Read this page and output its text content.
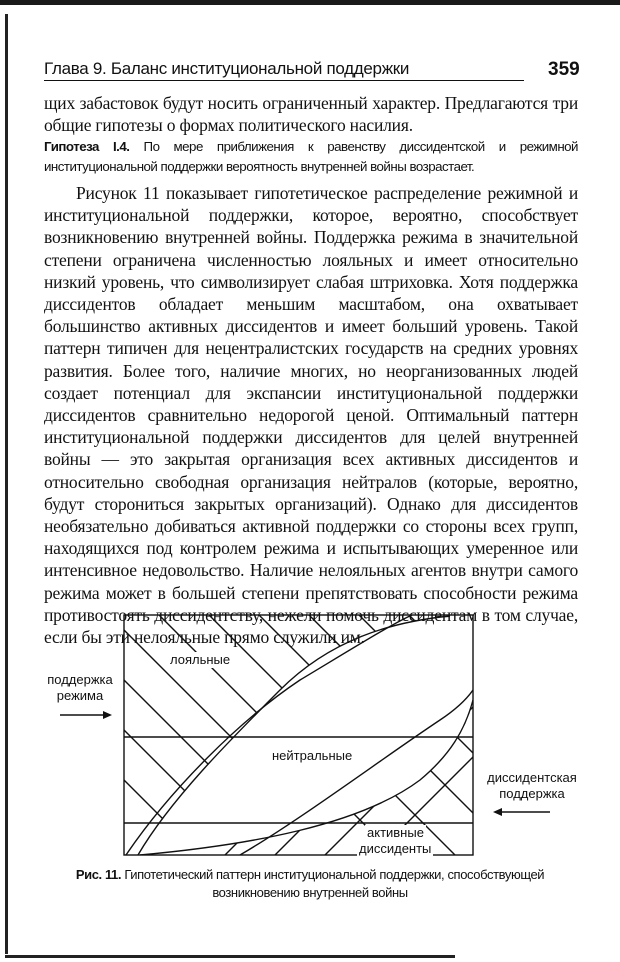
Глава 9. Баланс институциональной поддержки	359
щих забастовок будут носить ограниченный характер. Предлагаются три общие гипотезы о формах политического насилия.
Гипотеза I.4. По мере приближения к равенству диссидентской и режимной институциональной поддержки вероятность внутренней войны возрастает.
Рисунок 11 показывает гипотетическое распределение режимной и институциональной поддержки, которое, вероятно, способствует возникновению внутренней войны. Поддержка режима в значительной степени ограничена численностью лояльных и имеет относительно низкий уровень, что символизирует слабая штриховка. Хотя поддержка диссидентов обладает меньшим масштабом, она охватывает большинство активных диссидентов и имеет больший уровень. Такой паттерн типичен для нецентралистских государств на средних уровнях развития. Более того, наличие многих, но неорганизованных людей создает потенциал для экспансии институциональной поддержки диссидентов сравнительно недорогой ценой. Оптимальный паттерн институциональной поддержки диссидентов для целей внутренней войны — это закрытая организация всех активных диссидентов и относительно свободная организация нейтралов (которые, вероятно, будут сторониться закрытых организаций). Однако для диссидентов необязательно добиваться активной поддержки со стороны всех групп, находящихся под контролем режима и испытывающих умеренное или интенсивное недовольство. Наличие нелояльных агентов внутри самого режима может в большей степени препятствовать способности режима противостоять диссидентству, нежели помочь диссидентам в том случае, если бы эти нелояльные прямо служили им.
лояльные
нейтральные
активные
диссиденты
поддержка
режима
диссидентская
поддержка
Рис. 11. Гипотетический паттерн институциональной поддержки, способствующей возникновению внутренней войны
